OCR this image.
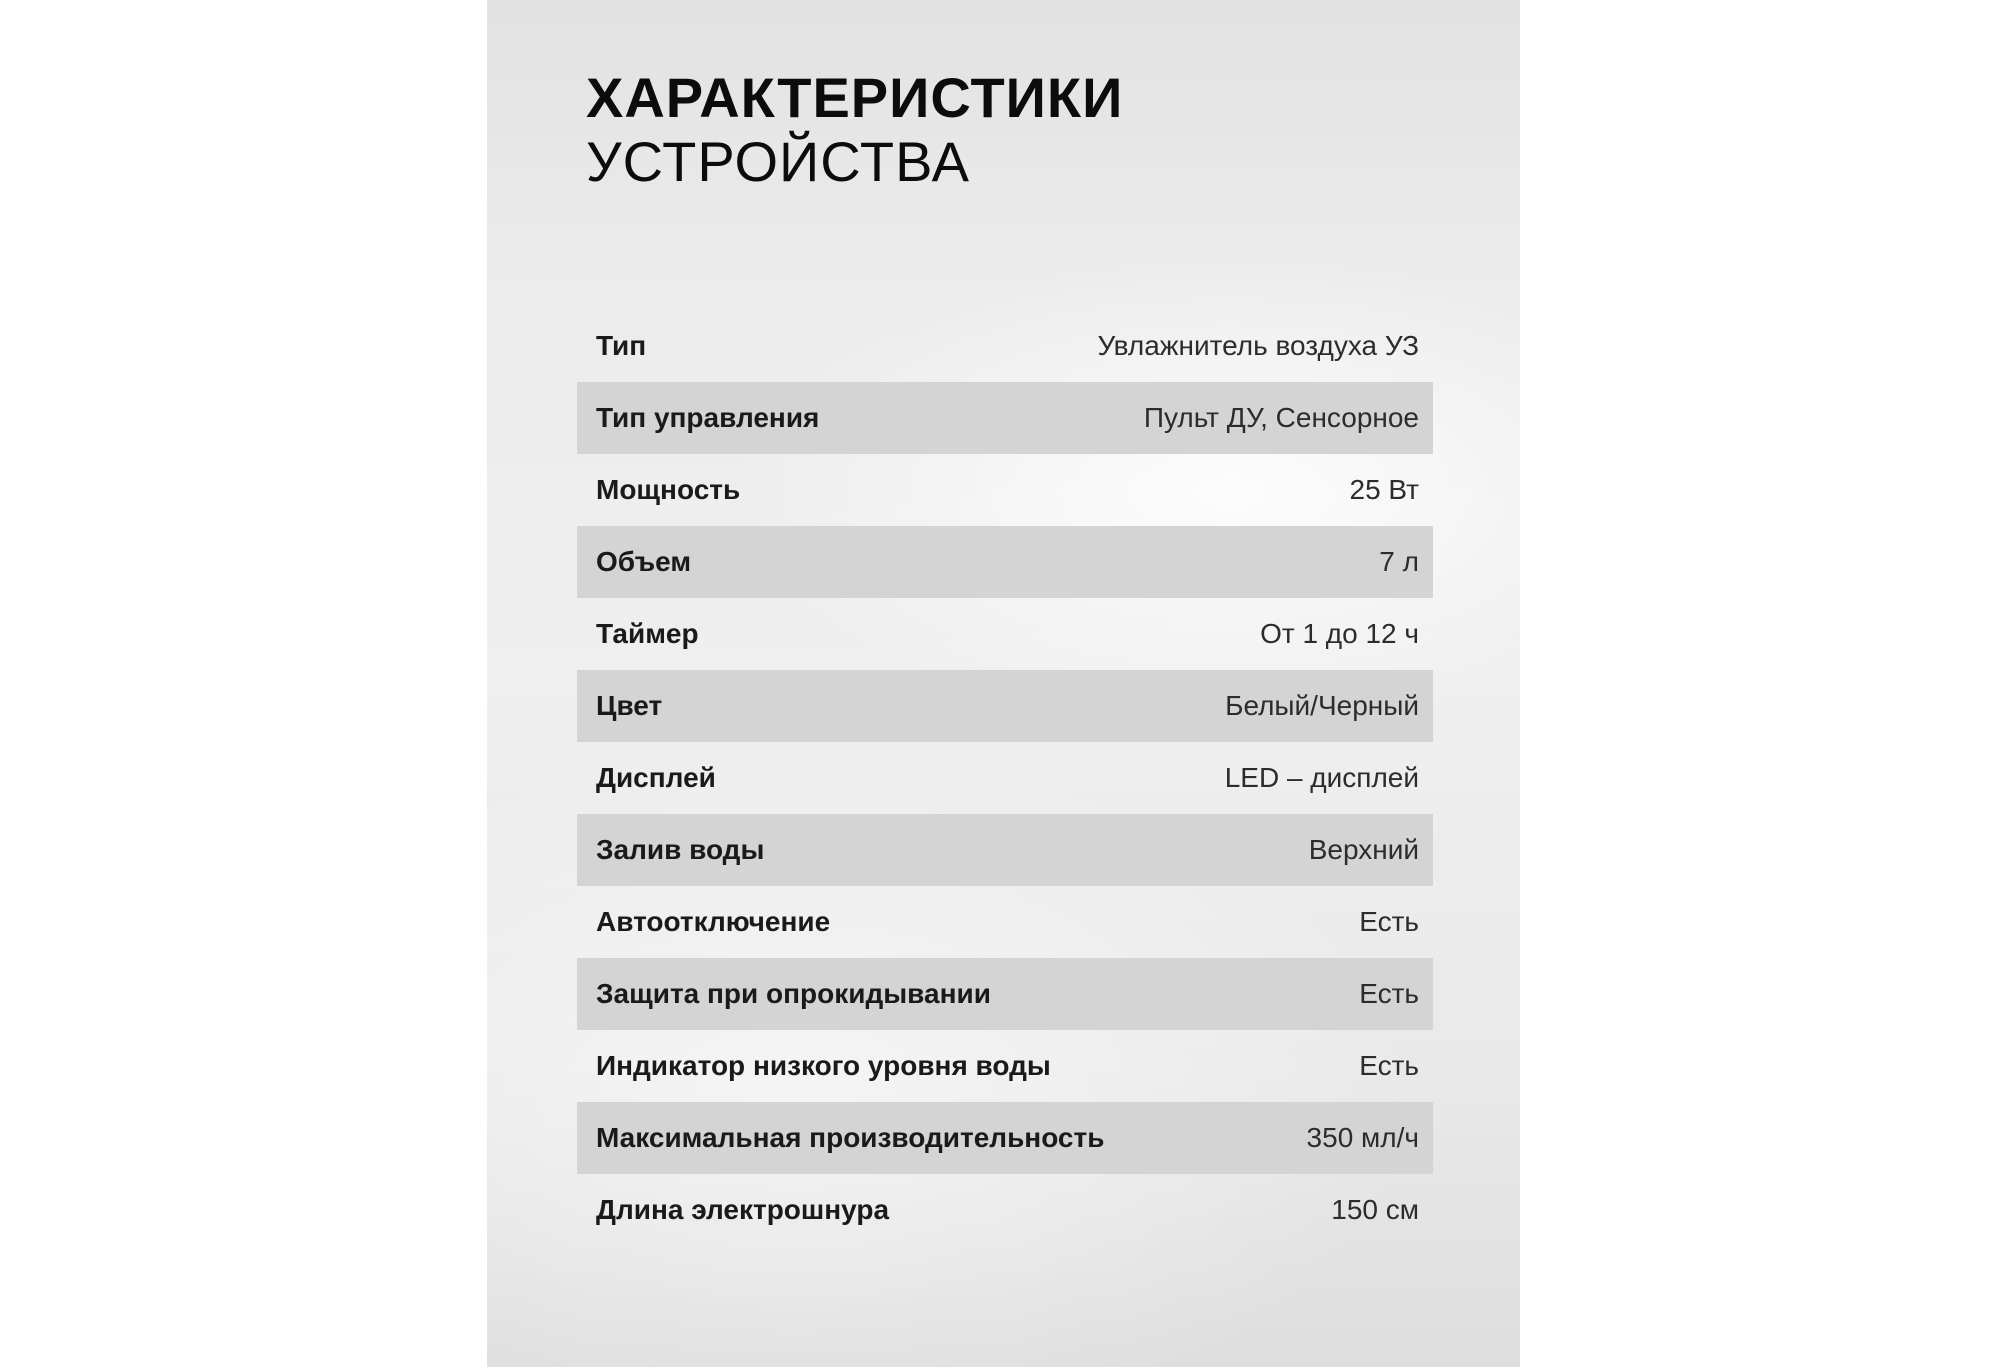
ХАРАКТЕРИСТИКИ
УСТРОЙСТВА
Тип	Увлажнитель воздуха УЗ
Тип управления	Пульт ДУ, Сенсорное
Мощность	25 Вт
Объем	7 л
Таймер	От 1 до 12 ч
Цвет	Белый/Черный
Дисплей	LED – дисплей
Залив воды	Верхний
Автоотключение	Есть
Защита при опрокидывании	Есть
Индикатор низкого уровня воды	Есть
Максимальная производительность	350 мл/ч
Длина электрошнура	150 см
